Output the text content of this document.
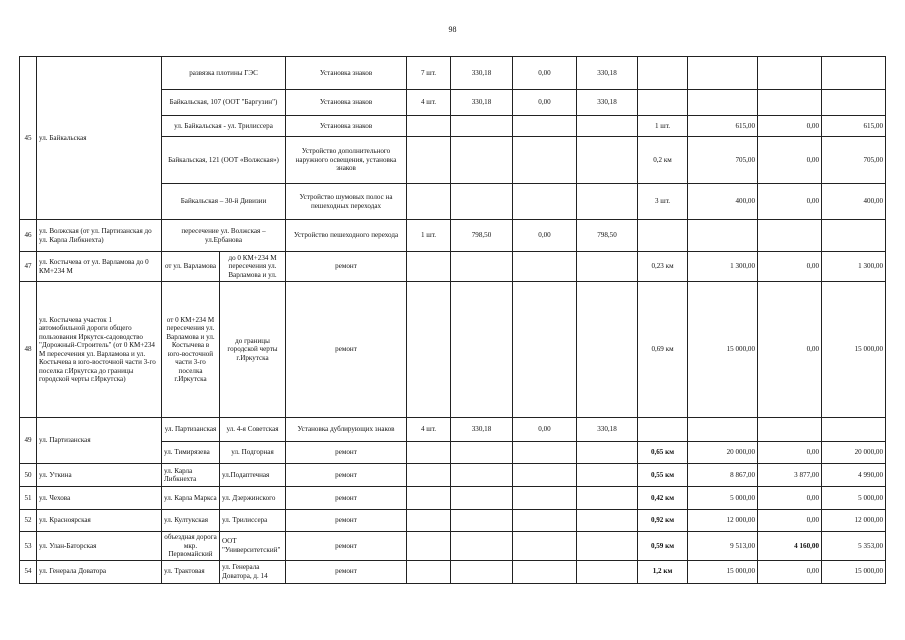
98
45	ул. Байкальская	развязка плотины ГЭС		Установка знаков	7 шт.	330,18	0,00	330,18				
		Байкальская, 107 (ООТ "Баргузин")		Установка знаков	4 шт.	330,18	0,00	330,18				
		ул. Байкальская - ул. Трилиссера		Установка знаков					1 шт.	615,00	0,00	615,00
		Байкальская, 121 (ООТ «Волжская»)		Устройство дополнительного наружного освещения, установка знаков					0,2 км	705,00	0,00	705,00
		Байкальская – 30-й Дивизии		Устройство шумовых полос на пешеходных переходах					3 шт.	400,00	0,00	400,00
46	ул. Волжская (от ул. Партизанская до ул. Карла Либкнехта)	пересечение ул. Волжская – ул.Ербанова		Устройство пешеходного перехода	1 шт.	798,50	0,00	798,50				
47	ул. Костычева от ул. Варламова до 0 КМ+234 М	от ул. Варламова	до 0 КМ+234 М пересечения ул. Варламова и ул.	ремонт					0,23 км	1 300,00	0,00	1 300,00
48	ул. Костычева участок 1 автомобильной дороги общего пользования Иркутск-садоводство "Дорожный-Строитель" (от 0 КМ+234 М пересечения ул. Варламова и ул. Костычева в юго-восточной части 3-го поселка г.Иркутска до границы городской черты г.Иркутска)	от 0 КМ+234 М пересечения ул. Варламова и ул. Костычева в юго-восточной части 3-го поселка г.Иркутска	до границы городской черты г.Иркутска	ремонт					0,69 км	15 000,00	0,00	15 000,00
49	ул. Партизанская	ул. Партизанская	ул. 4-я Советская	Установка дублирующих знаков	4 шт.	330,18	0,00	330,18				
		ул. Тимирязева	ул. Подгорная	ремонт					0,65 км	20 000,00	0,00	20 000,00
50	ул. Уткина	ул. Карла Либкнехта	ул.Подаптечная	ремонт					0,55 км	8 867,00	3 877,00	4 990,00
51	ул. Чехова	ул. Карла Маркса	ул. Дзержинского	ремонт					0,42 км	5 000,00	0,00	5 000,00
52	ул. Красноярская	ул. Култукская	ул. Трилиссера	ремонт					0,92 км	12 000,00	0,00	12 000,00
53	ул. Улан-Баторская	объездная дорога мкр. Первомайский	ООТ "Университетский"	ремонт					0,59 км	9 513,00	4 160,00	5 353,00
54	ул. Генерала Доватора	ул. Трактовая	ул. Генерала Доватора, д. 14	ремонт					1,2 км	15 000,00	0,00	15 000,00
